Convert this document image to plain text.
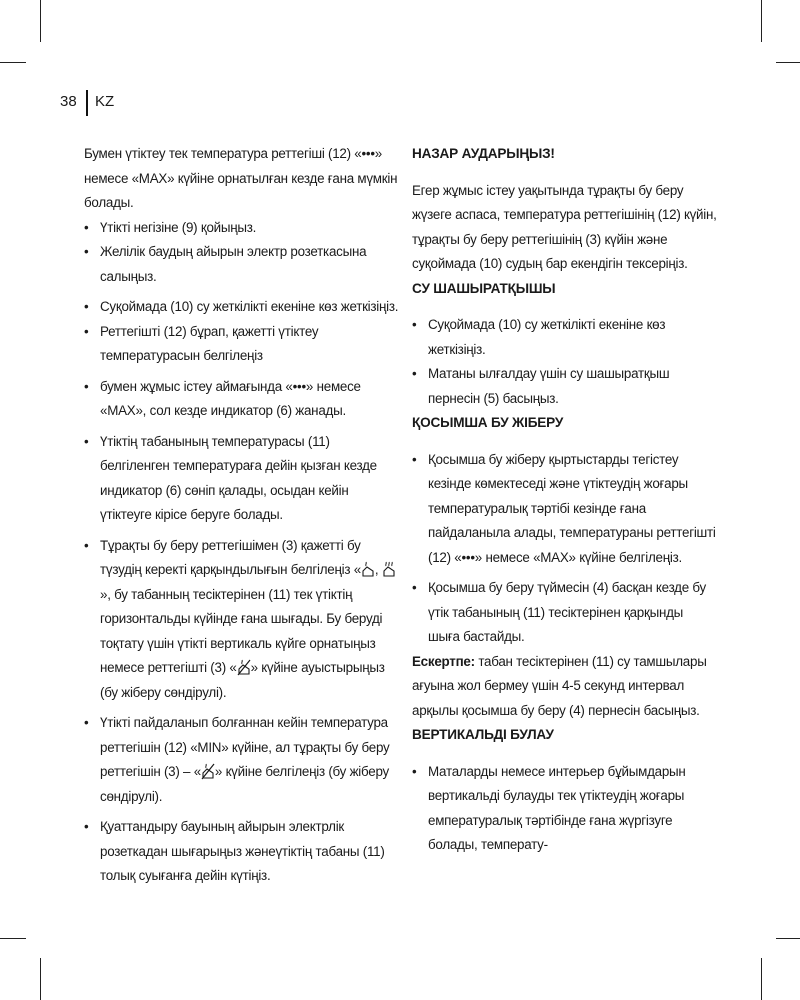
38 KZ

Бумен үтіктеу тек температура реттегіші (12) «•••» немесе «MAX» күйіне орнатылған кезде ғана мүмкін болады.

• Үтікті негізіне (9) қойыңыз.
• Желілік баудың айырын электр розеткасына салыңыз.
• Суқоймада (10) су жеткілікті екеніне көз жеткізіңіз.
• Реттегішті (12) бұрап, қажетті үтіктеу температурасын белгілеңіз
• бумен жұмыс істеу аймағында «•••» немесе «MAX», сол кезде индикатор (6) жанады.
• Үтіктің табанының температурасы (11) белгіленген температураға дейін қызған кезде индикатор (6) сөніп қалады, осыдан кейін үтіктеуге кірісе беруге болады.
• Тұрақты бу беру реттегішімен (3) қажетті бу түзудің керекті қарқындылығын белгілеңіз « ,
», бу табанның тесіктерінен (11) тек үтіктің горизонтальды күйінде ғана шығады. Бу беруді тоқтату үшін үтікті вертикаль күйге орнатыңыз немесе реттегішті (3) « » күйіне ауыстырыңыз (бу жіберу сөндірулі).
• Үтікті пайдаланып болғаннан кейін температура реттегішін (12) «MIN» күйіне, ал тұрақты бу беру реттегішін (3) – « » күйіне белгілеңіз (бу жіберу сөндірулі).
• Қуаттандыру бауының айырын электрлік розеткадан шығарыңыз жәнеүтіктің табаны (11) толық суығанға дейін күтіңіз.
НАЗАР АУДАРЫҢЫЗ!

Егер жұмыс істеу уақытында тұрақты бу беру жүзеге аспаса, температура реттегішінің (12) күйін, тұрақты бу беру реттегішінің (3) күйін және суқоймада (10) судың бар екендігін тексеріңіз.

СУ ШАШЫРАТҚЫШЫ
• Суқоймада (10) су жеткілікті екеніне көз жеткізіңіз.
• Матаны ылғалдау үшін су шашыратқыш пернесін (5) басыңыз.
ҚОСЫМША БУ ЖІБЕРУ
• Қосымша бу жіберу қыртыстарды тегістеу кезінде көмектеседі және үтіктеудің жоғары температуралық тәртібі кезінде ғана пайдаланыла алады, температураны реттегішті (12) «•••» немесе «MAX» күйіне белгілеңіз.
• Қосымша бу беру түймесін (4) басқан кезде бу үтік табанының (11) тесіктерінен қарқынды шыға бастайды.

Ескертпе: табан тесіктерінен (11) су тамшылары ағуына жол бермеу үшін 4-5 секунд интервал арқылы қосымша бу беру (4) пернесін басыңыз.

ВЕРТИКАЛЬДІ БУЛАУ
• Маталарды немесе интерьер бұйымдарын вертикальді булауды тек үтіктеудің жоғары емпературалық тәртібінде ғана жүргізуге болады, температу-
